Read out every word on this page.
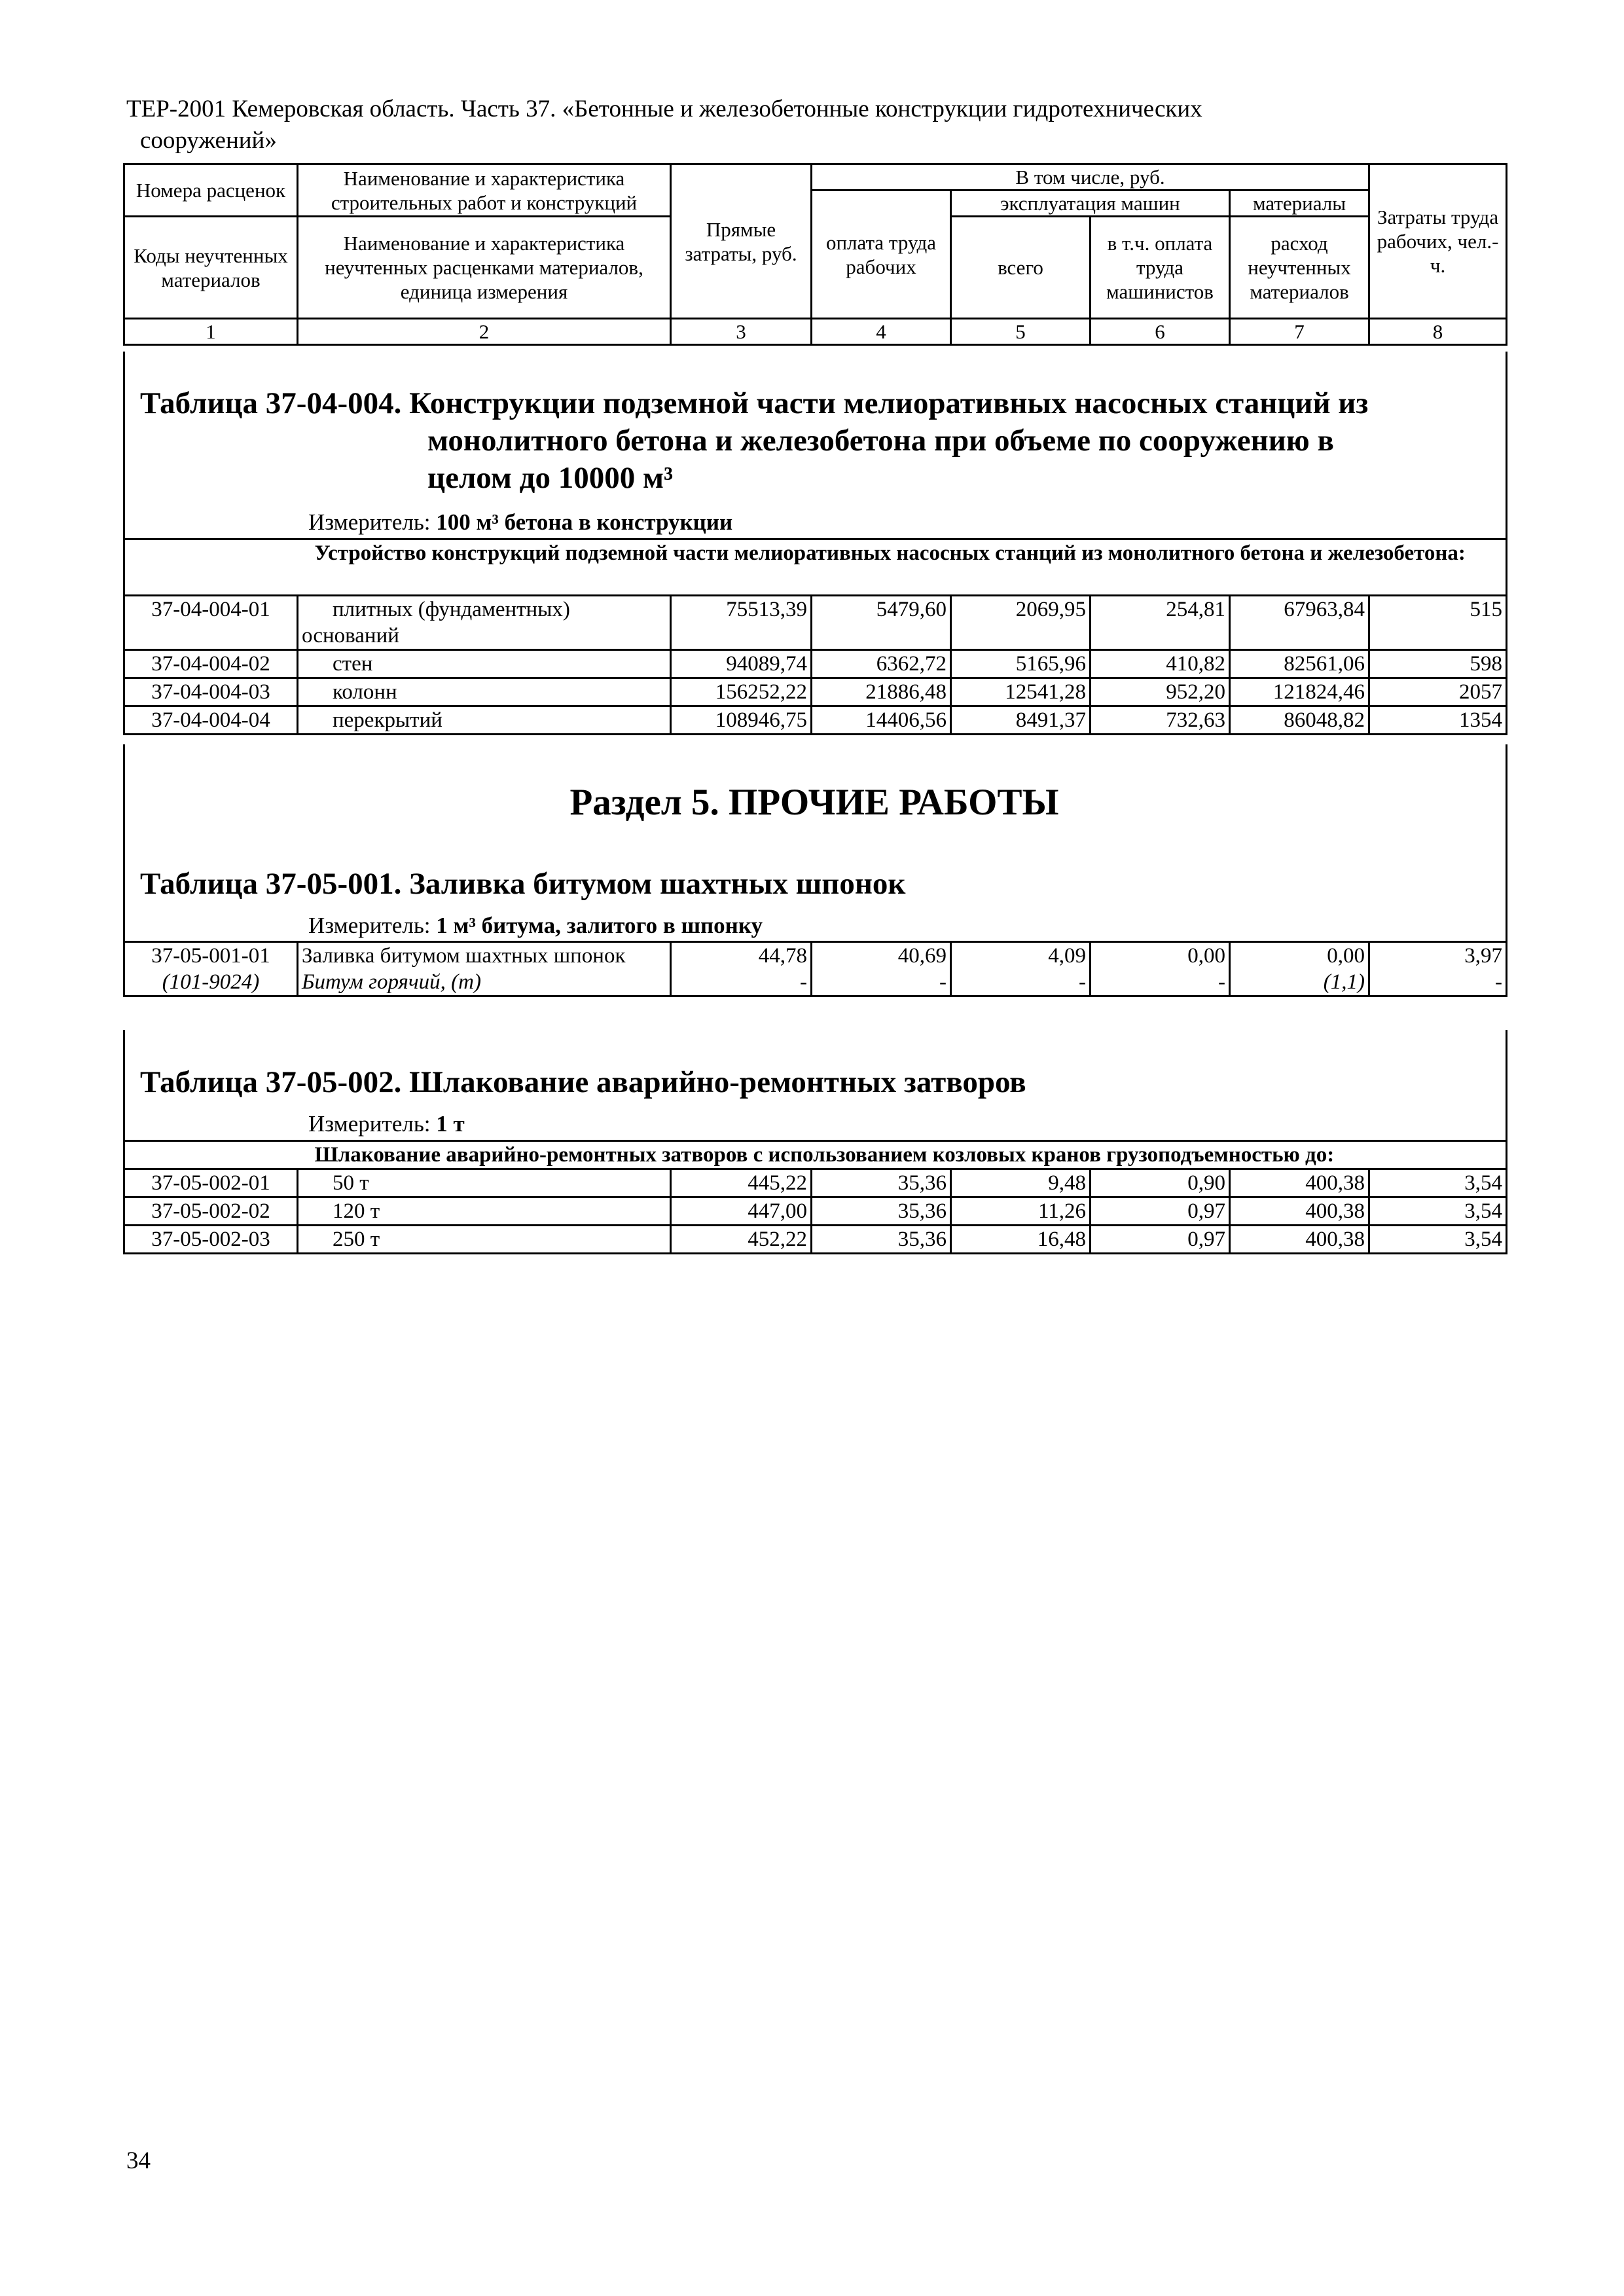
ТЕР-2001 Кемеровская область. Часть 37. «Бетонные и железобетонные конструкции гидротехнических
сооружений»
Номера расценок	Наименование и характеристика строительных работ и конструкций	Прямые затраты, руб.	В том числе, руб.				Затраты труда рабочих, чел.-ч.
			оплата труда рабочих	эксплуатация машин		материалы	
Коды неучтенных материалов	Наименование и характеристика неучтенных расценками материалов, единица измерения			всего	в т.ч. оплата труда машинистов	расход неучтенных материалов	

1	2	3	4	5	6	7	8
Таблица 37-04-004. Конструкции подземной части мелиоративных насосных станций из
монолитного бетона и железобетона при объеме по сооружению в
целом до 10000 м³
Измеритель: 100 м³ бетона в конструкции
	Устройство конструкций подземной части мелиоративных насосных станций из монолитного бетона и железобетона:						
37-04-004-01	плитных (фундаментных) оснований	75513,39	5479,60	2069,95	254,81	67963,84	515
37-04-004-02	стен	94089,74	6362,72	5165,96	410,82	82561,06	598
37-04-004-03	колонн	156252,22	21886,48	12541,28	952,20	121824,46	2057
37-04-004-04	перекрытий	108946,75	14406,56	8491,37	732,63	86048,82	1354
Раздел 5. ПРОЧИЕ РАБОТЫ
Таблица 37-05-001. Заливка битумом шахтных шпонок
Измеритель: 1 м³ битума, залитого в шпонку
37-05-001-01	Заливка битумом шахтных шпонок	44,78	40,69	4,09	0,00	0,00	3,97
(101-9024)	Битум горячий, (т)	-	-	-	-	(1,1)	-
Таблица 37-05-002. Шлакование аварийно-ремонтных затворов
Измеритель: 1 т
	Шлакование аварийно-ремонтных затворов с использованием козловых кранов грузоподъемностью до:						
37-05-002-01	50 т	445,22	35,36	9,48	0,90	400,38	3,54
37-05-002-02	120 т	447,00	35,36	11,26	0,97	400,38	3,54
37-05-002-03	250 т	452,22	35,36	16,48	0,97	400,38	3,54
34
